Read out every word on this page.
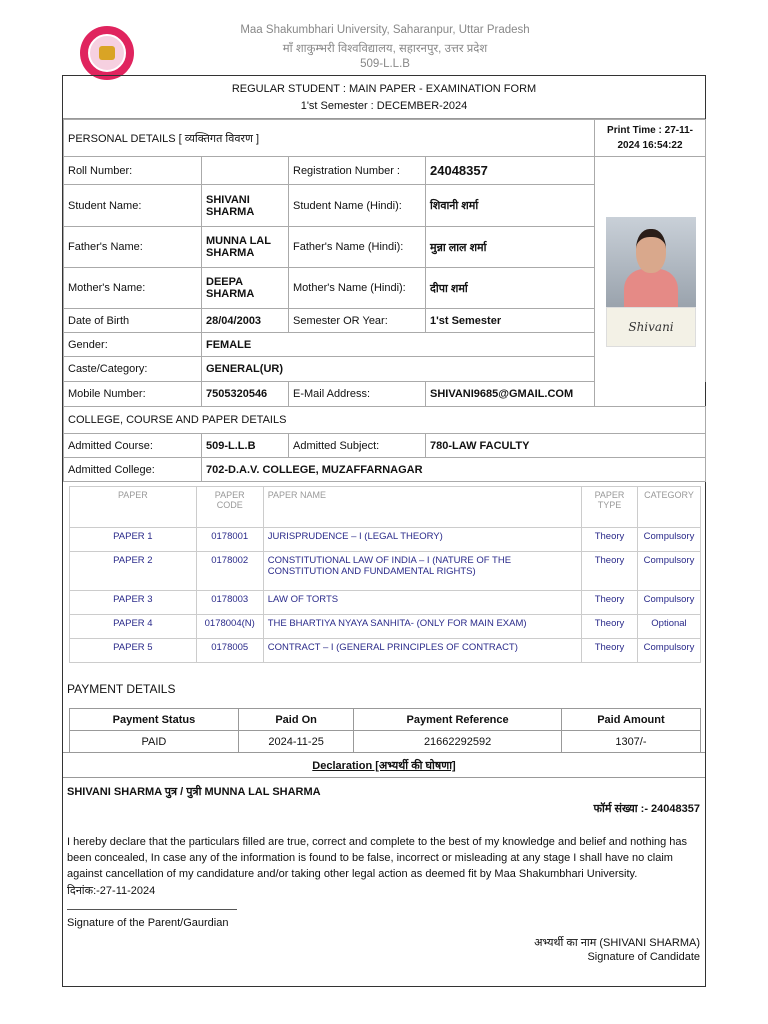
Maa Shakumbhari University, Saharanpur, Uttar Pradesh
माँ शाकुम्भरी विश्वविद्यालय, सहारनपुर, उत्तर प्रदेश
509-L.L.B
REGULAR STUDENT : MAIN PAPER - EXAMINATION FORM
1'st Semester : DECEMBER-2024
PERSONAL DETAILS [ व्यक्तिगत विवरण ]				Print Time : 27-11-2024 16:54:22
Roll Number:		Registration Number :	24048357	
Student Name:	SHIVANI SHARMA	Student Name (Hindi):	शिवानी शर्मा	
Father's Name:	MUNNA LAL SHARMA	Father's Name (Hindi):	मुन्ना लाल शर्मा	
Mother's Name:	DEEPA SHARMA	Mother's Name (Hindi):	दीपा शर्मा	
Date of Birth	28/04/2003	Semester OR Year:	1'st Semester	
Gender:	FEMALE			
Caste/Category:	GENERAL(UR)			
Mobile Number:	7505320546	E-Mail Address:	SHIVANI9685@GMAIL.COM	
COLLEGE, COURSE AND PAPER DETAILS				
Admitted Course:	509-L.L.B	Admitted Subject:	780-LAW FACULTY	
Admitted College:	702-D.A.V. COLLEGE, MUZAFFARNAGAR			
Shivani
PAPER	PAPER CODE	PAPER NAME	PAPER TYPE	CATEGORY
PAPER 1	0178001	JURISPRUDENCE – I (LEGAL THEORY)	Theory	Compulsory
PAPER 2	0178002	CONSTITUTIONAL LAW OF INDIA – I (NATURE OF THE CONSTITUTION AND FUNDAMENTAL RIGHTS)	Theory	Compulsory
PAPER 3	0178003	LAW OF TORTS	Theory	Compulsory
PAPER 4	0178004(N)	THE BHARTIYA NYAYA SANHITA- (ONLY FOR MAIN EXAM)	Theory	Optional
PAPER 5	0178005	CONTRACT – I (GENERAL PRINCIPLES OF CONTRACT)	Theory	Compulsory
PAYMENT DETAILS
Payment Status	Paid On	Payment Reference	Paid Amount
PAID	2024-11-25	21662292592	1307/-
Declaration [अभ्यर्थी की घोषणा]
SHIVANI SHARMA पुत्र / पुत्री MUNNA LAL SHARMA
फॉर्म संख्या :- 24048357
I hereby declare that the particulars filled are true, correct and complete to the best of my knowledge and belief and nothing has been concealed, In case any of the information is found to be false, incorrect or misleading at any stage I shall have no claim against cancellation of my candidature and/or taking other legal action as deemed fit by Maa Shakumbhari University.
दिनांक:-27-11-2024
Signature of the Parent/Gaurdian
अभ्यर्थी का नाम (SHIVANI SHARMA)
Signature of Candidate
